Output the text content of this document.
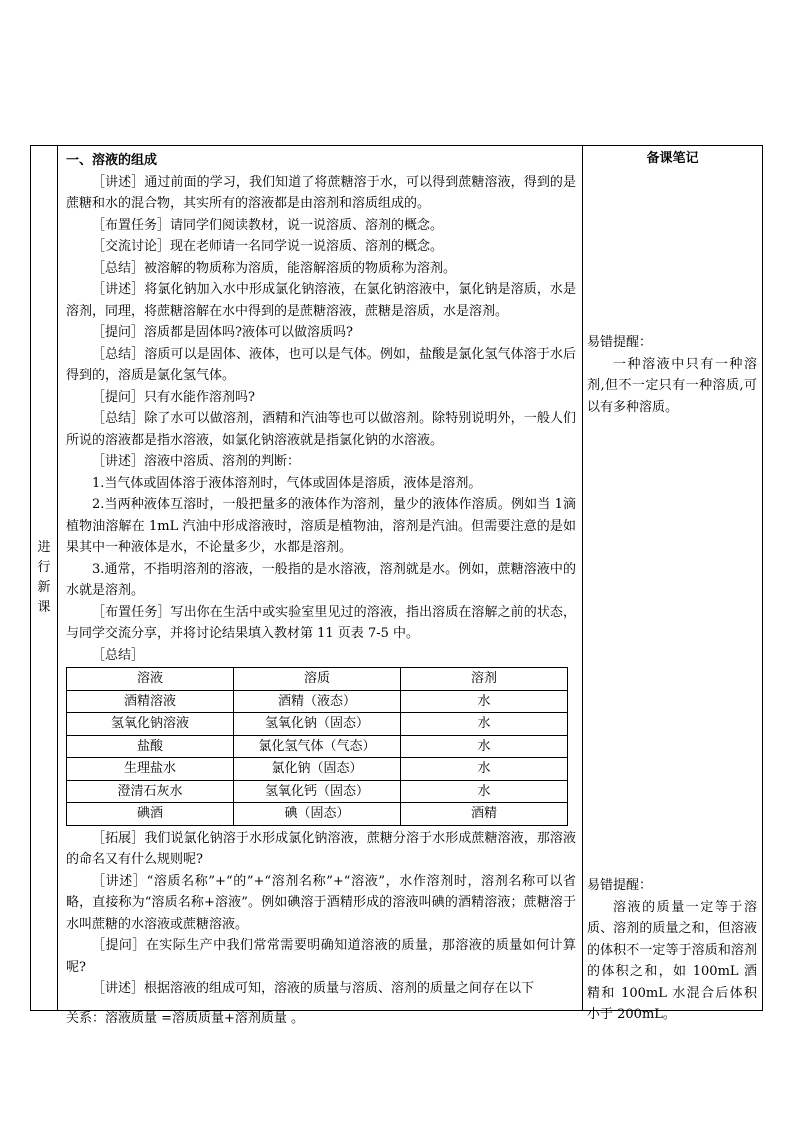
进
行
新
课

一、溶液的组成

［讲述］通过前面的学习，我们知道了将蔗糖溶于水，可以得到蔗糖溶液，得到的是蔗糖和水的混合物，其实所有的溶液都是由溶剂和溶质组成的。

［布置任务］请同学们阅读教材，说一说溶质、溶剂的概念。

［交流讨论］现在老师请一名同学说一说溶质、溶剂的概念。

［总结］被溶解的物质称为溶质，能溶解溶质的物质称为溶剂。

［讲述］将氯化钠加入水中形成氯化钠溶液，在氯化钠溶液中，氯化钠是溶质，水是溶剂，同理，将蔗糖溶解在水中得到的是蔗糖溶液，蔗糖是溶质，水是溶剂。

［提问］溶质都是固体吗?液体可以做溶质吗?

［总结］溶质可以是固体、液体，也可以是气体。例如，盐酸是氯化氢气体溶于水后得到的，溶质是氯化氢气体。

［提问］只有水能作溶剂吗?

［总结］除了水可以做溶剂，酒精和汽油等也可以做溶剂。除特别说明外，一般人们所说的溶液都是指水溶液，如氯化钠溶液就是指氯化钠的水溶液。

［讲述］溶液中溶质、溶剂的判断：

1.当气体或固体溶于液体溶剂时，气体或固体是溶质，液体是溶剂。

2.当两种液体互溶时，一般把量多的液体作为溶剂，量少的液体作溶质。例如当 1滴植物油溶解在 1mL 汽油中形成溶液时，溶质是植物油，溶剂是汽油。但需要注意的是如果其中一种液体是水，不论量多少，水都是溶剂。

3.通常，不指明溶剂的溶液，一般指的是水溶液，溶剂就是水。例如，蔗糖溶液中的水就是溶剂。

［布置任务］写出你在生活中或实验室里见过的溶液，指出溶质在溶解之前的状态，与同学交流分享，并将讨论结果填入教材第 11 页表 7-5 中。

［总结］

溶液	溶质	溶剂
酒精溶液	酒精（液态）	水
氢氧化钠溶液	氢氧化钠（固态）	水
盐酸	氯化氢气体（气态）	水
生理盐水	氯化钠（固态）	水
澄清石灰水	氢氧化钙（固态）	水
碘酒	碘（固态）	酒精

［拓展］我们说氯化钠溶于水形成氯化钠溶液，蔗糖分溶于水形成蔗糖溶液，那溶液的命名又有什么规则呢?

［讲述］“溶质名称”+“的”+“溶剂名称”+“溶液”，水作溶剂时，溶剂名称可以省略，直接称为“溶质名称+溶液”。例如碘溶于酒精形成的溶液叫碘的酒精溶液；蔗糖溶于水叫蔗糖的水溶液或蔗糖溶液。

［提问］在实际生产中我们常常需要明确知道溶液的质量，那溶液的质量如何计算呢?

［讲述］根据溶液的组成可知，溶液的质量与溶质、溶剂的质量之间存在以下

关系：溶液质量 =溶质质量+溶剂质量 。

备课笔记

易错提醒：

一种溶液中只有一种溶剂,但不一定只有一种溶质,可以有多种溶质。

易错提醒：

溶液的质量一定等于溶质、溶剂的质量之和，但溶液的体积不一定等于溶质和溶剂的体积之和，如 100mL 酒精和 100mL 水混合后体积小于 200mL。
